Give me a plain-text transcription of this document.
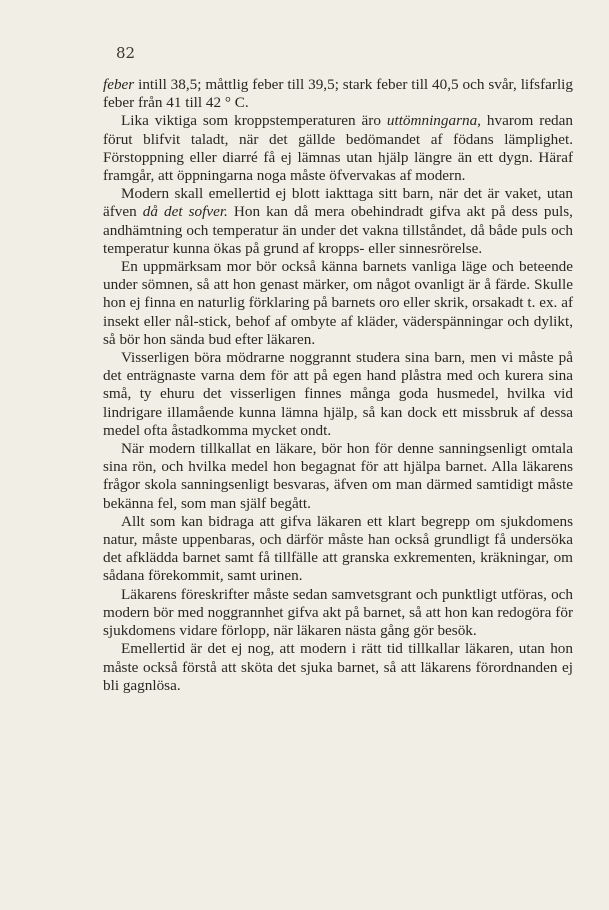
82

feber intill 38,5; måttlig feber till 39,5; stark feber till 40,5 och svår, lifsfarlig feber från 41 till 42 ° C.

Lika viktiga som kroppstemperaturen äro uttömningarna, hvarom redan förut blifvit taladt, när det gällde bedömandet af födans lämplighet. Förstoppning eller diarré få ej lämnas utan hjälp längre än ett dygn. Häraf framgår, att öppningarna noga måste öfvervakas af modern.

Modern skall emellertid ej blott iakttaga sitt barn, när det är vaket, utan äfven då det sofver. Hon kan då mera obehindradt gifva akt på dess puls, andhämtning och temperatur än under det vakna tillståndet, då både puls och temperatur kunna ökas på grund af kropps- eller sinnesrörelse.

En uppmärksam mor bör också känna barnets vanliga läge och beteende under sömnen, så att hon genast märker, om något ovanligt är å färde. Skulle hon ej finna en naturlig förklaring på barnets oro eller skrik, orsakadt t. ex. af insekt eller nål-stick, behof af ombyte af kläder, väderspänningar och dylikt, så bör hon sända bud efter läkaren.

Visserligen böra mödrarne noggrannt studera sina barn, men vi måste på det enträgnaste varna dem för att på egen hand plåstra med och kurera sina små, ty ehuru det visserligen finnes många goda husmedel, hvilka vid lindrigare illamående kunna lämna hjälp, så kan dock ett missbruk af dessa medel ofta åstadkomma mycket ondt.

När modern tillkallat en läkare, bör hon för denne sanningsenligt omtala sina rön, och hvilka medel hon begagnat för att hjälpa barnet. Alla läkarens frågor skola sanningsenligt besvaras, äfven om man därmed samtidigt måste bekänna fel, som man själf begått.

Allt som kan bidraga att gifva läkaren ett klart begrepp om sjukdomens natur, måste uppenbaras, och därför måste han också grundligt få undersöka det afklädda barnet samt få tillfälle att granska exkrementen, kräkningar, om sådana förekommit, samt urinen.

Läkarens föreskrifter måste sedan samvetsgrant och punktligt utföras, och modern bör med noggrannhet gifva akt på barnet, så att hon kan redogöra för sjukdomens vidare förlopp, när läkaren nästa gång gör besök.

Emellertid är det ej nog, att modern i rätt tid tillkallar läkaren, utan hon måste också förstå att sköta det sjuka barnet, så att läkarens förordnanden ej bli gagnlösa.
